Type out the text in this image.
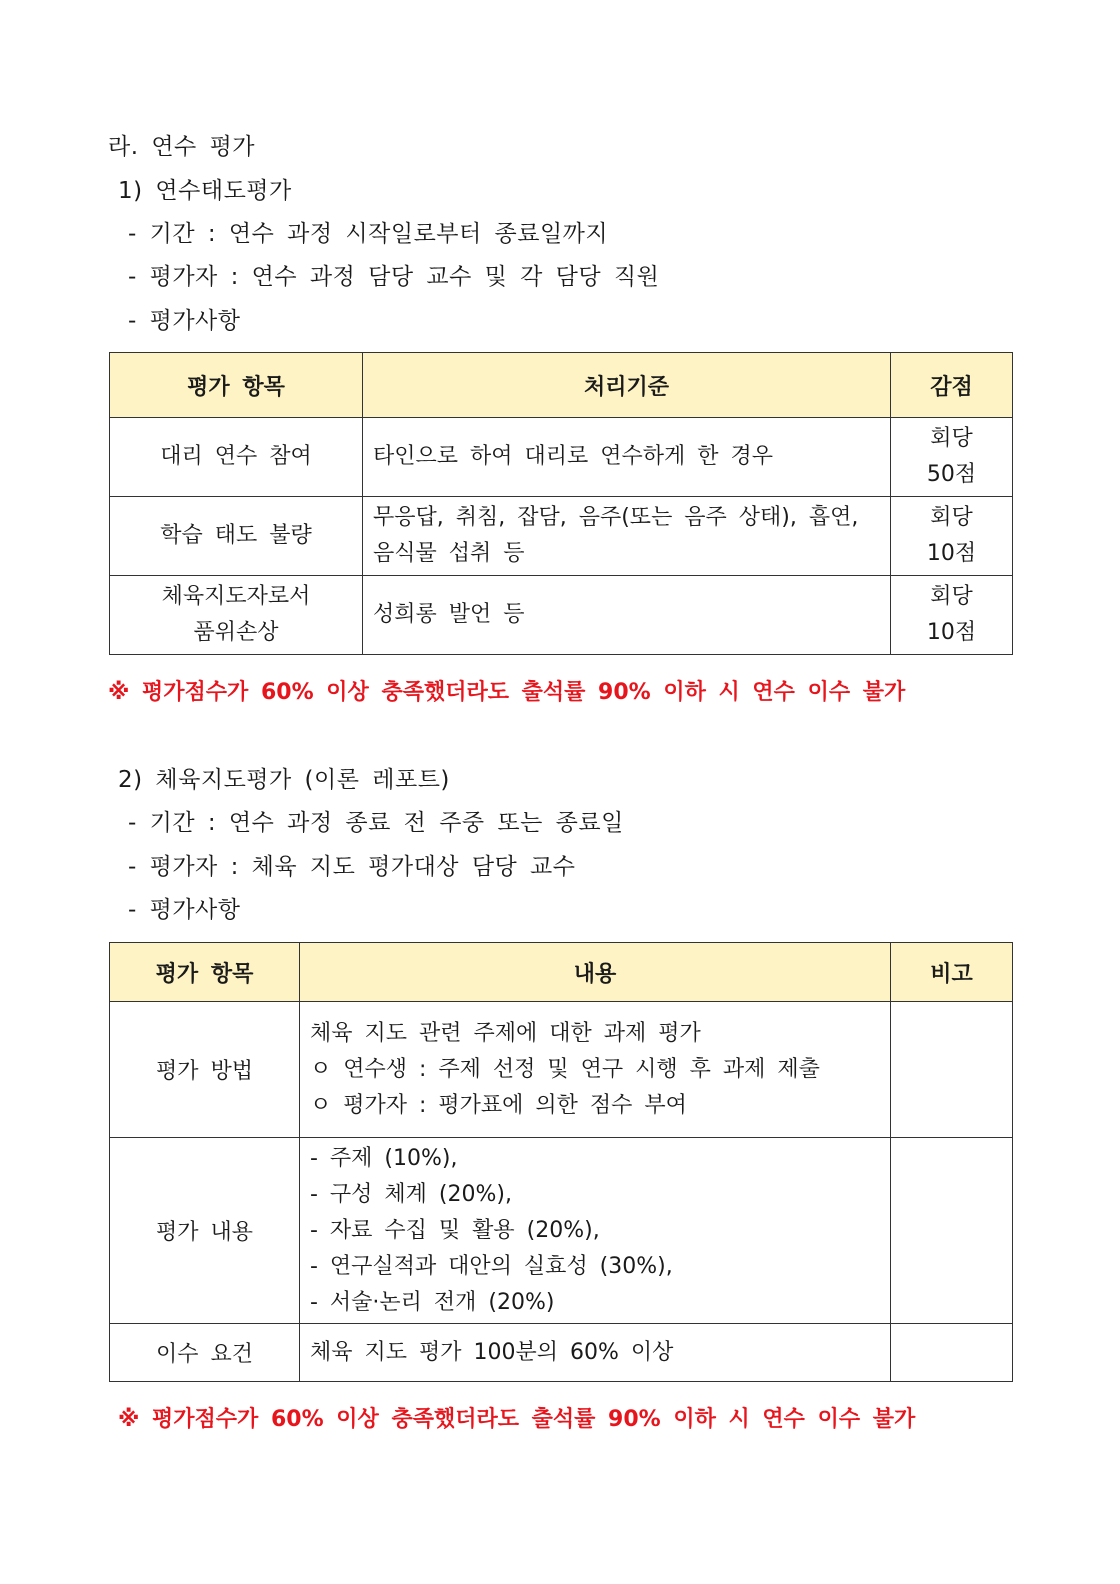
라. 연수 평가
1) 연수태도평가
- 기간 : 연수 과정 시작일로부터 종료일까지
- 평가자 : 연수 과정 담당 교수 및 각 담당 직원
- 평가사항
평가 항목	처리기준	감점

대리 연수 참여	타인으로 하여 대리로 연수하게 한 경우	회당
50점

학습 태도 불량	무응답, 취침, 잡담, 음주(또는 음주 상태), 흡연,
음식물 섭취 등	회당
10점

체육지도자로서
품위손상	성희롱 발언 등	회당
10점
※ 평가점수가 60% 이상 충족했더라도 출석률 90% 이하 시 연수 이수 불가
2) 체육지도평가 (이론 레포트)
- 기간 : 연수 과정 종료 전 주중 또는 종료일
- 평가자 : 체육 지도 평가대상 담당 교수
- 평가사항
평가 항목	내용	비고
평가 방법	체육 지도 관련 주제에 대한 과제 평가
ㅇ 연수생 : 주제 선정 및 연구 시행 후 과제 제출
ㅇ 평가자 : 평가표에 의한 점수 부여	

평가 내용	- 주제 (10%),
- 구성 체계 (20%),
- 자료 수집 및 활용 (20%),
- 연구실적과 대안의 실효성 (30%),
- 서술·논리 전개 (20%)	

이수 요건	체육 지도 평가 100분의 60% 이상	

※ 평가점수가 60% 이상 충족했더라도 출석률 90% 이하 시 연수 이수 불가
